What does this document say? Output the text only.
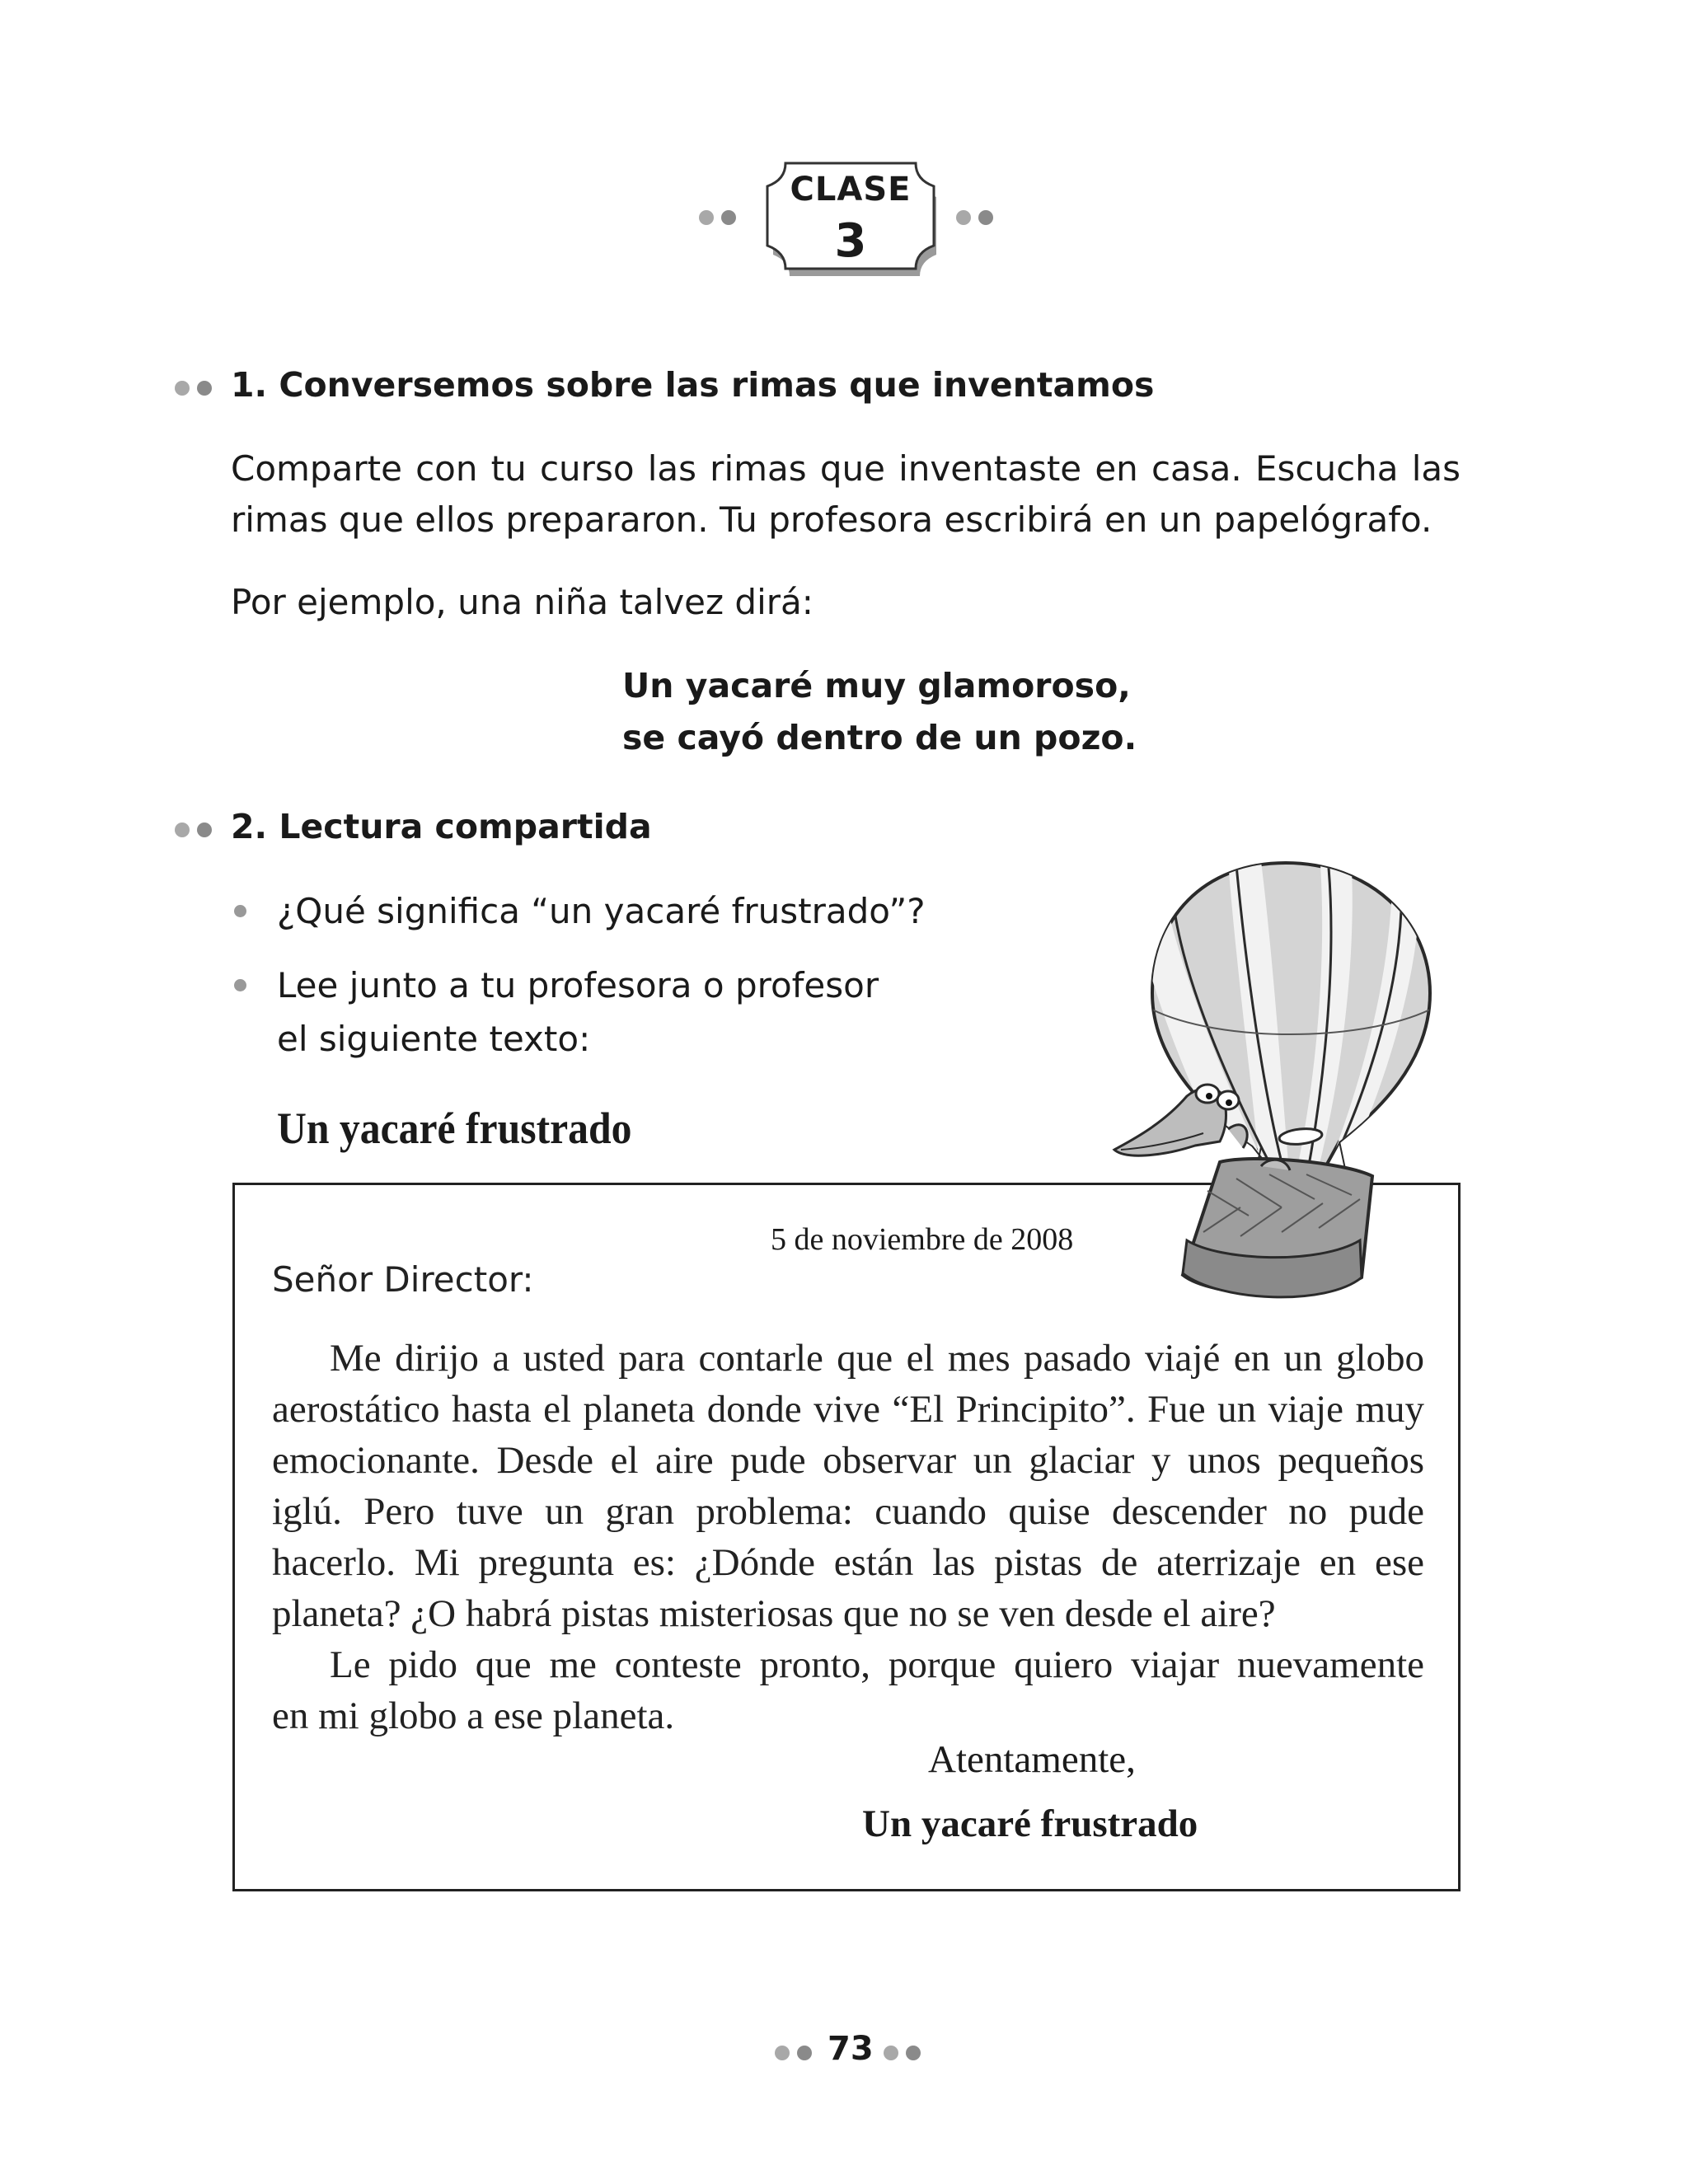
CLASE
3
1. Conversemos sobre las rimas que inventamos
Comparte con tu curso las rimas que inventaste en casa. Escucha las
rimas que ellos prepararon. Tu profesora escribirá en un papelógrafo.
Por ejemplo, una niña talvez dirá:
Un yacaré muy glamoroso,
se cayó dentro de un pozo.
2. Lectura compartida
¿Qué significa “un yacaré frustrado”?
Lee junto a tu profesora o profesor
el siguiente texto:
Un yacaré frustrado
5 de noviembre de 2008
Señor Director:
Me dirijo a usted para contarle que el mes pasado viajé en un globo
aerostático hasta el planeta donde vive “El Principito”. Fue un viaje muy
emocionante. Desde el aire pude observar un glaciar y unos pequeños
iglú. Pero tuve un gran problema: cuando quise descender no pude
hacerlo. Mi pregunta es: ¿Dónde están las pistas de aterrizaje en ese
planeta? ¿O habrá pistas misteriosas que no se ven desde el aire?
Le pido que me conteste pronto, porque quiero viajar nuevamente
en mi globo a ese planeta.
Atentamente,
Un yacaré frustrado
73
